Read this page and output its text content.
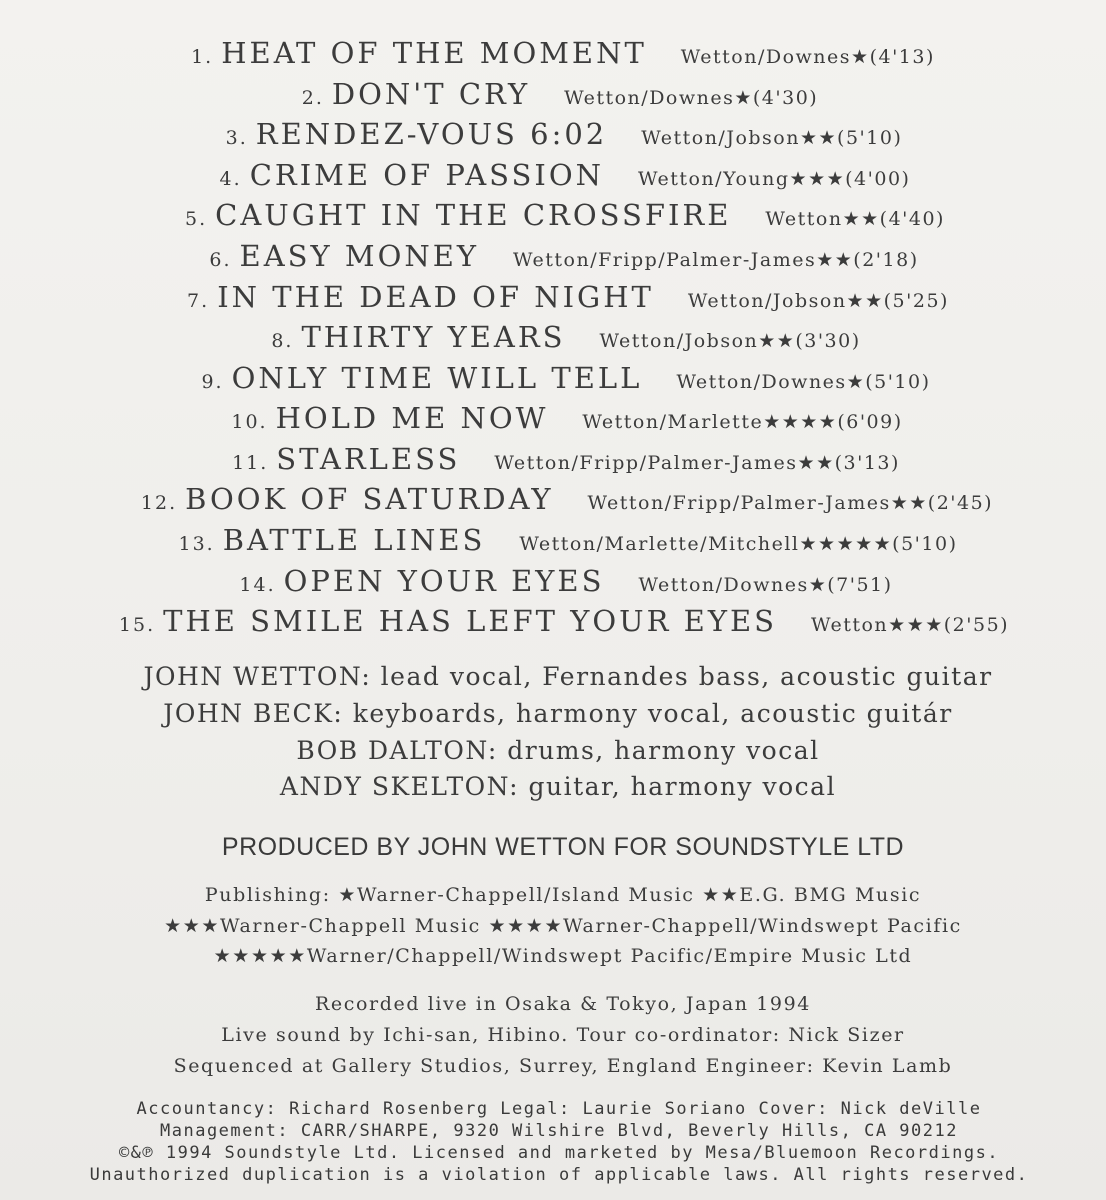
1. HEAT OF THE MOMENT Wetton/Downes★(4'13)
2. DON'T CRY Wetton/Downes★(4'30)
3. RENDEZ-VOUS 6:02 Wetton/Jobson★★(5'10)
4. CRIME OF PASSION Wetton/Young★★★(4'00)
5. CAUGHT IN THE CROSSFIRE Wetton★★(4'40)
6. EASY MONEY Wetton/Fripp/Palmer-James★★(2'18)
7. IN THE DEAD OF NIGHT Wetton/Jobson★★(5'25)
8. THIRTY YEARS Wetton/Jobson★★(3'30)
9. ONLY TIME WILL TELL Wetton/Downes★(5'10)
10. HOLD ME NOW Wetton/Marlette★★★★(6'09)
11. STARLESS Wetton/Fripp/Palmer-James★★(3'13)
12. BOOK OF SATURDAY Wetton/Fripp/Palmer-James★★(2'45)
13. BATTLE LINES Wetton/Marlette/Mitchell★★★★★(5'10)
14. OPEN YOUR EYES Wetton/Downes★(7'51)
15. THE SMILE HAS LEFT YOUR EYES Wetton★★★(2'55)
JOHN WETTON: lead vocal, Fernandes bass, acoustic guitar
JOHN BECK: keyboards, harmony vocal, acoustic guitár
BOB DALTON: drums, harmony vocal
ANDY SKELTON: guitar, harmony vocal
PRODUCED BY JOHN WETTON FOR SOUNDSTYLE LTD
Publishing: ★Warner-Chappell/Island Music ★★E.G. BMG Music
★★★Warner-Chappell Music ★★★★Warner-Chappell/Windswept Pacific
★★★★★Warner/Chappell/Windswept Pacific/Empire Music Ltd
Recorded live in Osaka & Tokyo, Japan 1994
Live sound by Ichi-san, Hibino. Tour co-ordinator: Nick Sizer
Sequenced at Gallery Studios, Surrey, England Engineer: Kevin Lamb
Accountancy: Richard Rosenberg Legal: Laurie Soriano Cover: Nick deVille
Management: CARR/SHARPE, 9320 Wilshire Blvd, Beverly Hills, CA 90212
©&℗ 1994 Soundstyle Ltd. Licensed and marketed by Mesa/Bluemoon Recordings.
Unauthorized duplication is a violation of applicable laws. All rights reserved.
